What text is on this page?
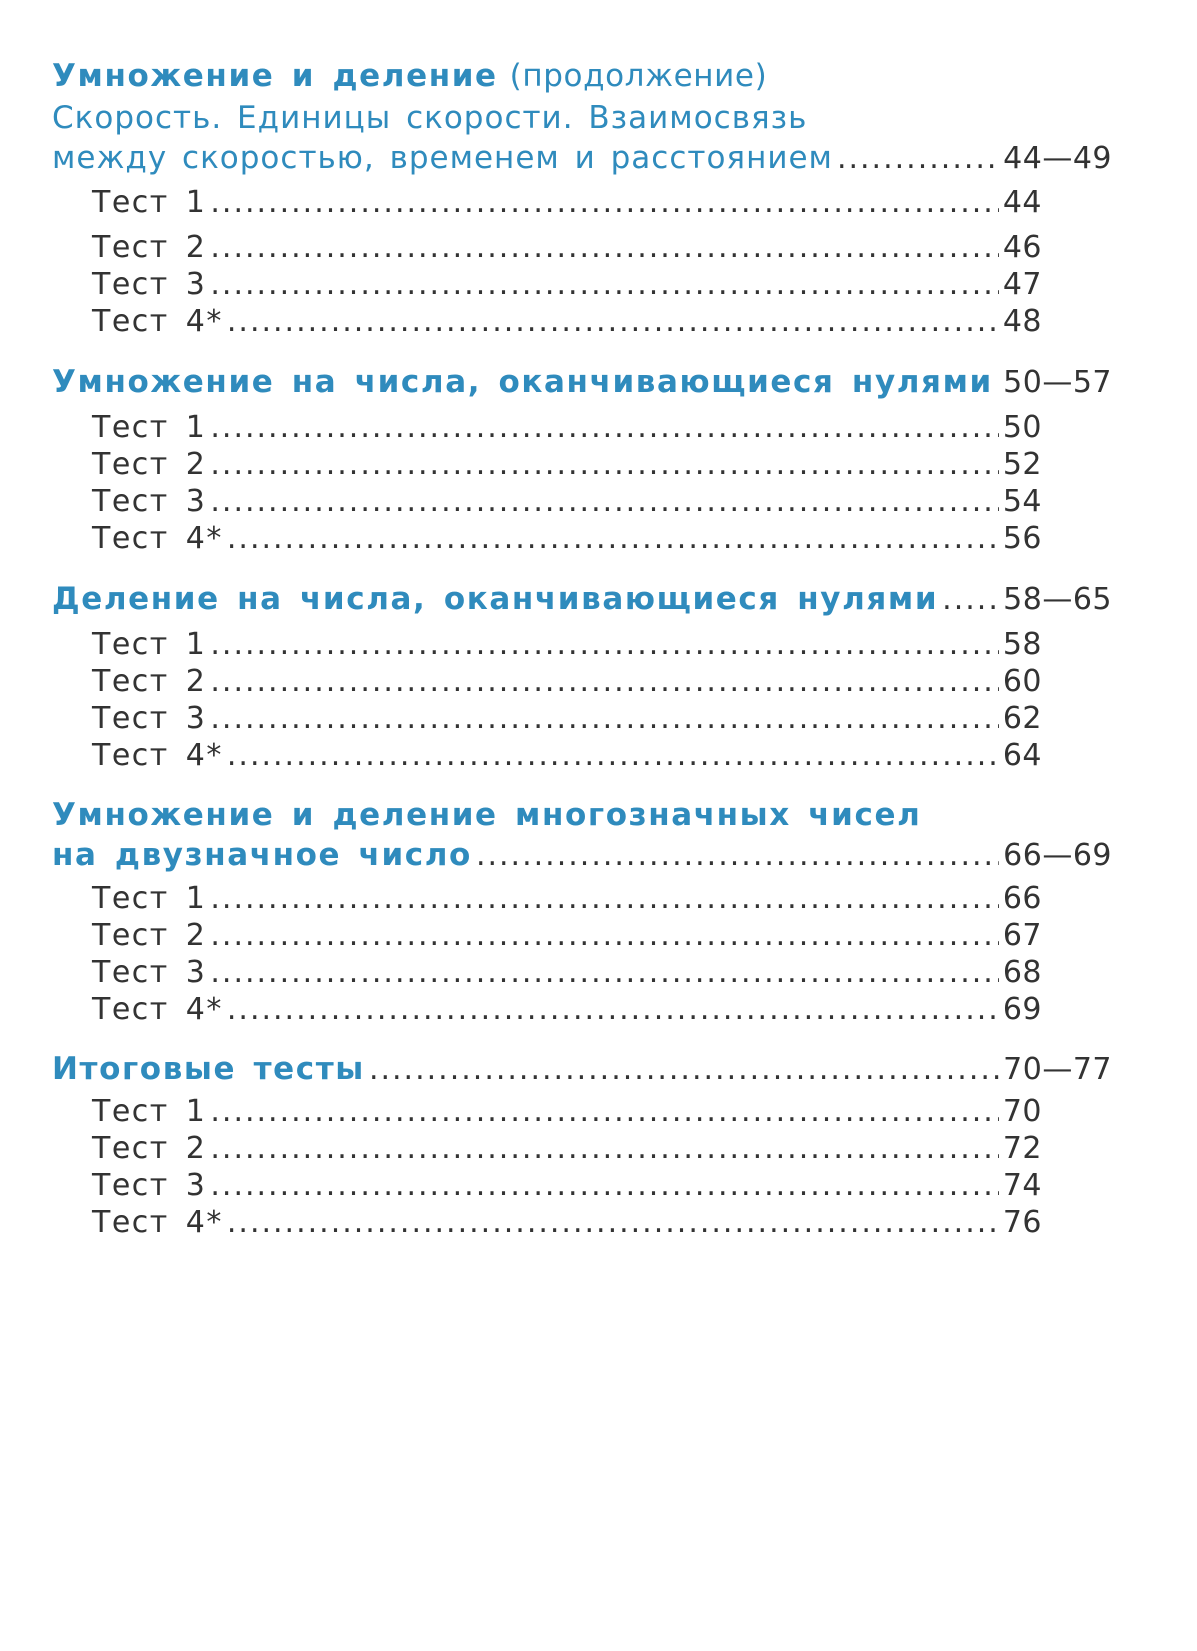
Умножение и деление (продолжение)
Скорость. Единицы скорости. Взаимосвязь
между скоростью, временем и расстоянием .....	44—49
Тест 1 .....	44
Тест 2 .....	46
Тест 3 .....	47
Тест 4* .....	48
Умножение на числа, оканчивающиеся нулями ..... 50—57
Тест 1 .....	50
Тест 2 .....	52
Тест 3 .....	54
Тест 4* .....	56
Деление на числа, оканчивающиеся нулями ..... 58—65
Тест 1 .....	58
Тест 2 .....	60
Тест 3 .....	62
Тест 4* .....	64
Умножение и деление многозначных чисел
на двузначное число .....	66—69
Тест 1 .....	66
Тест 2 .....	67
Тест 3 .....	68
Тест 4* .....	69
Итоговые тесты .....	70—77
Тест 1 .....	70
Тест 2 .....	72
Тест 3 .....	74
Тест 4* .....	76
